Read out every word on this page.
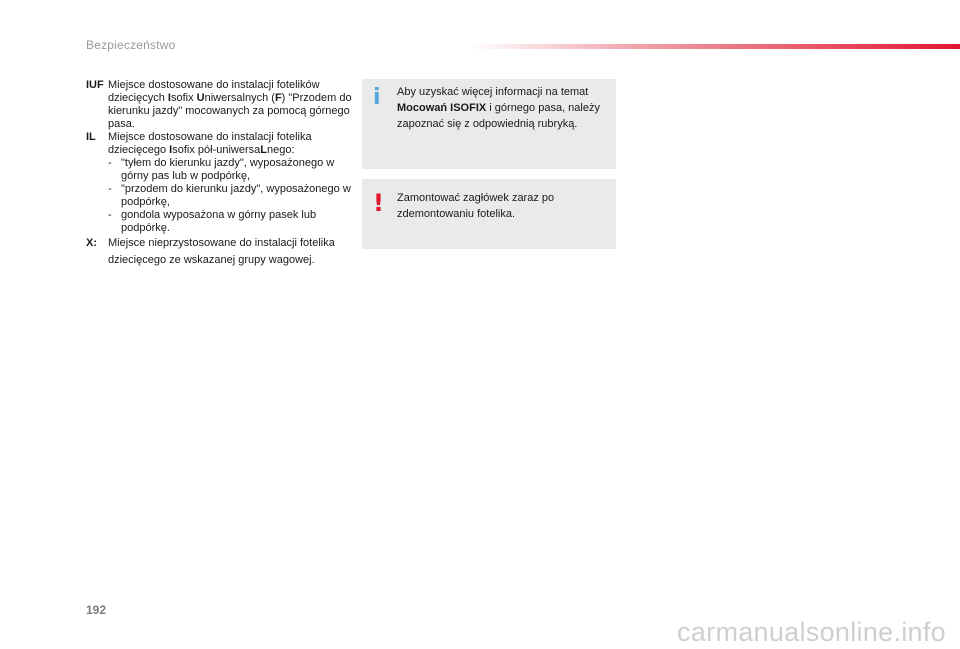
Bezpieczeństwo
IUF Miejsce dostosowane do instalacji fotelików dziecięcych Isofix Uniwersalnych (F) "Przodem do kierunku jazdy" mocowanych za pomocą górnego pasa.
IL Miejsce dostosowane do instalacji fotelika dziecięcego Isofix pół-uniwersaLnego:
- "tyłem do kierunku jazdy", wyposażonego w górny pas lub w podpórkę,
- "przodem do kierunku jazdy", wyposażonego w podpórkę,
- gondola wyposażona w górny pasek lub podpórkę.
X: Miejsce nieprzystosowane do instalacji fotelika dziecięcego ze wskazanej grupy wagowej.
i Aby uzyskać więcej informacji na temat Mocowań ISOFIX i górnego pasa, należy zapoznać się z odpowiednią rubryką.
! Zamontować zagłówek zaraz po zdemontowaniu fotelika.
192
carmanualsonline.info
